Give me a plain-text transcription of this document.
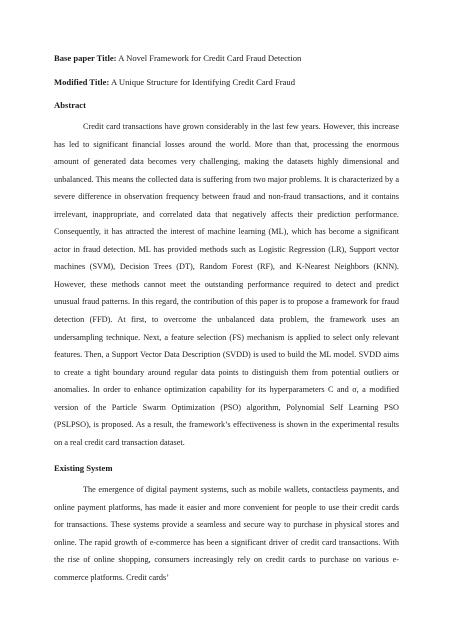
Base paper Title: A Novel Framework for Credit Card Fraud Detection

Modified Title: A Unique Structure for Identifying Credit Card Fraud

Abstract

Credit card transactions have grown considerably in the last few years. However, this increase has led to significant financial losses around the world. More than that, processing the enormous amount of generated data becomes very challenging, making the datasets highly dimensional and unbalanced. This means the collected data is suffering from two major problems. It is characterized by a severe difference in observation frequency between fraud and non-fraud transactions, and it contains irrelevant, inappropriate, and correlated data that negatively affects their prediction performance. Consequently, it has attracted the interest of machine learning (ML), which has become a significant actor in fraud detection. ML has provided methods such as Logistic Regression (LR), Support vector machines (SVM), Decision Trees (DT), Random Forest (RF), and K-Nearest Neighbors (KNN). However, these methods cannot meet the outstanding performance required to detect and predict unusual fraud patterns. In this regard, the contribution of this paper is to propose a framework for fraud detection (FFD). At first, to overcome the unbalanced data problem, the framework uses an undersampling technique. Next, a feature selection (FS) mechanism is applied to select only relevant features. Then, a Support Vector Data Description (SVDD) is used to build the ML model. SVDD aims to create a tight boundary around regular data points to distinguish them from potential outliers or anomalies. In order to enhance optimization capability for its hyperparameters C and σ, a modified version of the Particle Swarm Optimization (PSO) algorithm, Polynomial Self Learning PSO (PSLPSO), is proposed. As a result, the framework’s effectiveness is shown in the experimental results on a real credit card transaction dataset.

Existing System

The emergence of digital payment systems, such as mobile wallets, contactless payments, and online payment platforms, has made it easier and more convenient for people to use their credit cards for transactions. These systems provide a seamless and secure way to purchase in physical stores and online. The rapid growth of e-commerce has been a significant driver of credit card transactions. With the rise of online shopping, consumers increasingly rely on credit cards to purchase on various e-commerce platforms. Credit cards’
